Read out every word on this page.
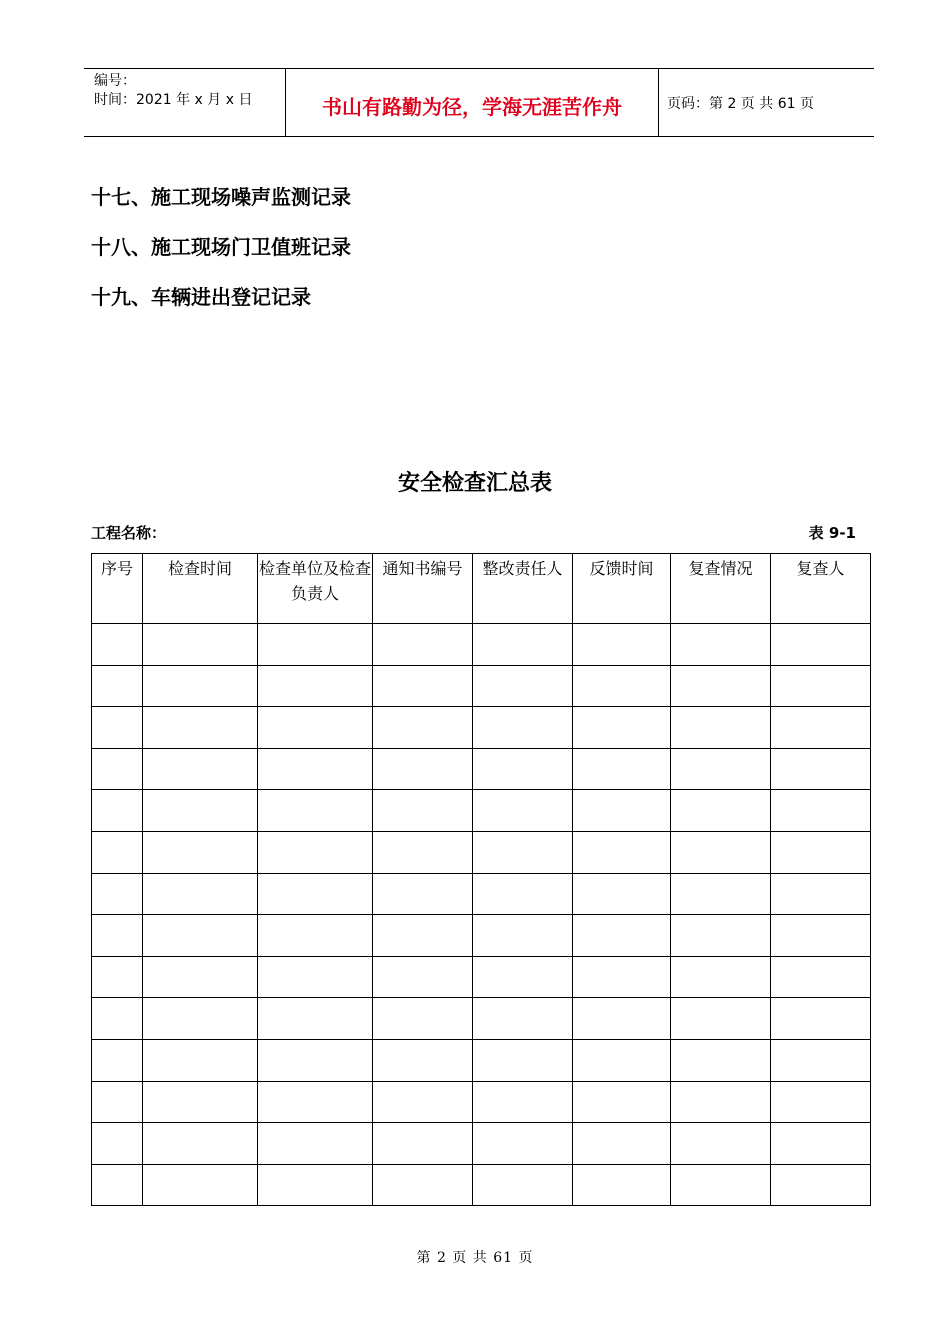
编号：
时间：2021 年 x 月 x 日	书山有路勤为径，学海无涯苦作舟	页码：第 2 页 共 61 页
十七、施工现场噪声监测记录
十八、施工现场门卫值班记录
十九、车辆进出登记记录
安全检查汇总表
工程名称：	表 9-1
序号	检查时间	检查单位及检查负责人	通知书编号	整改责任人	反馈时间	复查情况	复查人

第 2 页 共 61 页
